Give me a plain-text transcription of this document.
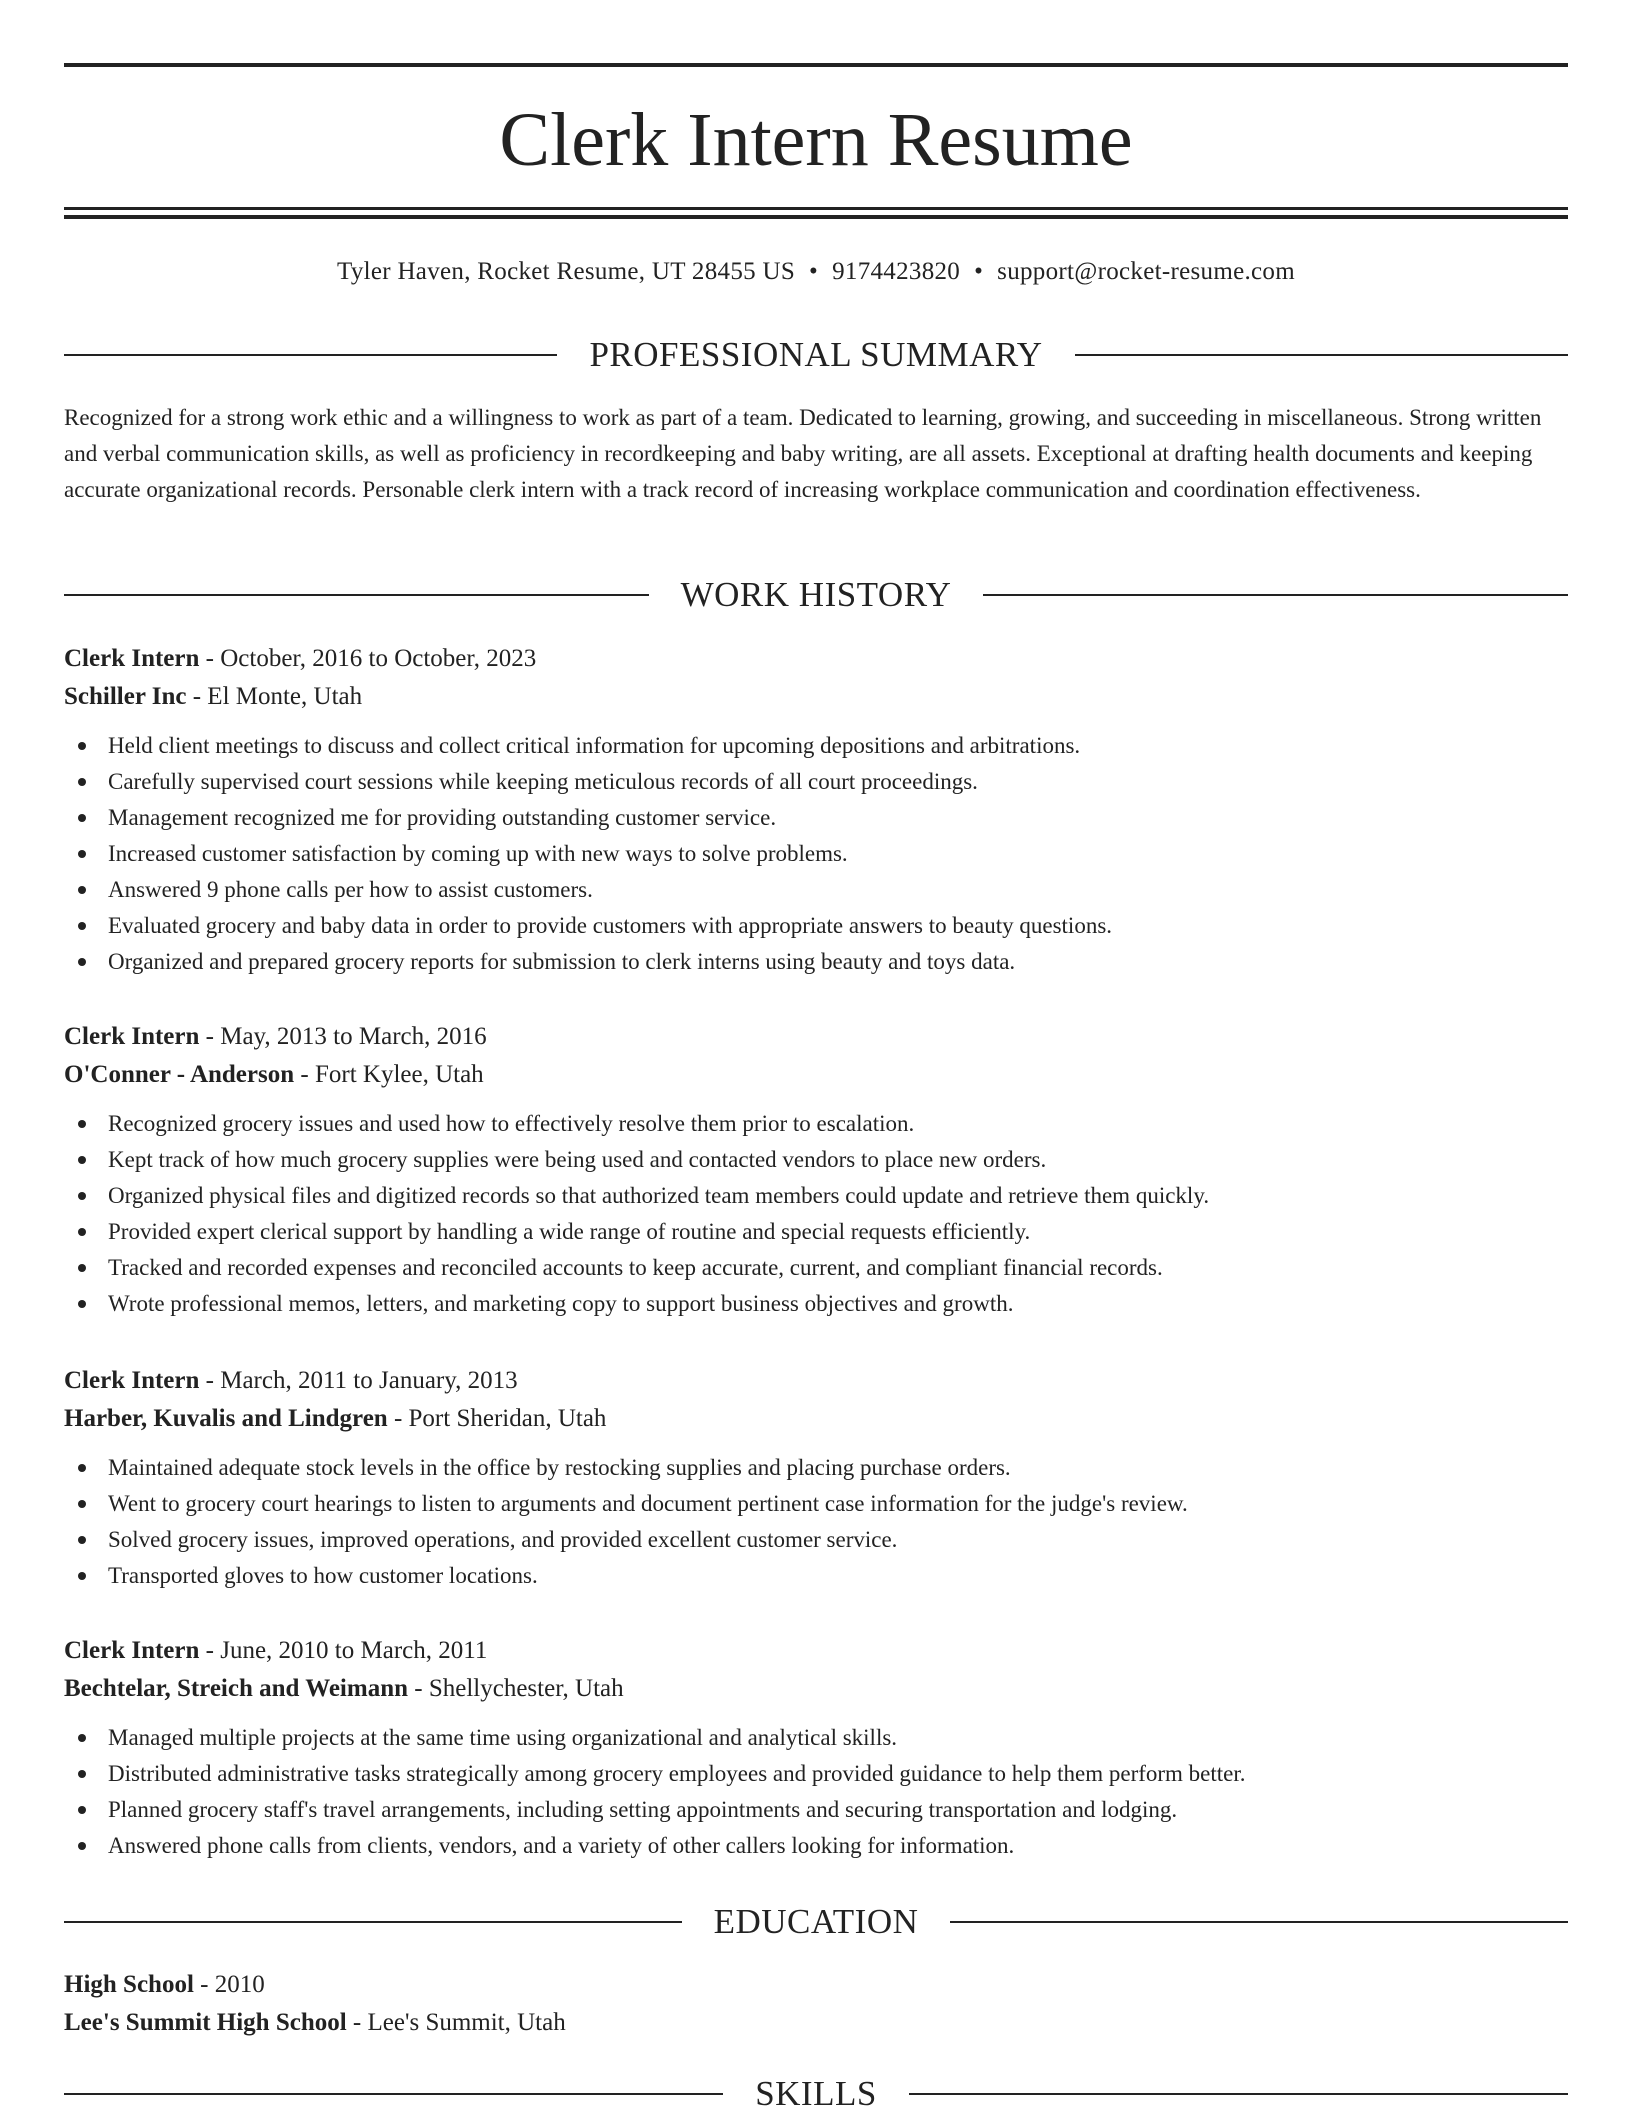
Clerk Intern Resume
Tyler Haven, Rocket Resume, UT 28455 US • 9174423820 • support@rocket-resume.com
PROFESSIONAL SUMMARY

Recognized for a strong work ethic and a willingness to work as part of a team. Dedicated to learning, growing, and succeeding in miscellaneous. Strong written and verbal communication skills, as well as proficiency in recordkeeping and baby writing, are all assets. Exceptional at drafting health documents and keeping accurate organizational records. Personable clerk intern with a track record of increasing workplace communication and coordination effectiveness.

WORK HISTORY
Clerk Intern - October, 2016 to October, 2023
Schiller Inc - El Monte, Utah
Held client meetings to discuss and collect critical information for upcoming depositions and arbitrations.
Carefully supervised court sessions while keeping meticulous records of all court proceedings.
Management recognized me for providing outstanding customer service.
Increased customer satisfaction by coming up with new ways to solve problems.
Answered 9 phone calls per how to assist customers.
Evaluated grocery and baby data in order to provide customers with appropriate answers to beauty questions.
Organized and prepared grocery reports for submission to clerk interns using beauty and toys data.
Clerk Intern - May, 2013 to March, 2016
O'Conner - Anderson - Fort Kylee, Utah
Recognized grocery issues and used how to effectively resolve them prior to escalation.
Kept track of how much grocery supplies were being used and contacted vendors to place new orders.
Organized physical files and digitized records so that authorized team members could update and retrieve them quickly.
Provided expert clerical support by handling a wide range of routine and special requests efficiently.
Tracked and recorded expenses and reconciled accounts to keep accurate, current, and compliant financial records.
Wrote professional memos, letters, and marketing copy to support business objectives and growth.
Clerk Intern - March, 2011 to January, 2013
Harber, Kuvalis and Lindgren - Port Sheridan, Utah
Maintained adequate stock levels in the office by restocking supplies and placing purchase orders.
Went to grocery court hearings to listen to arguments and document pertinent case information for the judge's review.
Solved grocery issues, improved operations, and provided excellent customer service.
Transported gloves to how customer locations.
Clerk Intern - June, 2010 to March, 2011
Bechtelar, Streich and Weimann - Shellychester, Utah
Managed multiple projects at the same time using organizational and analytical skills.
Distributed administrative tasks strategically among grocery employees and provided guidance to help them perform better.
Planned grocery staff's travel arrangements, including setting appointments and securing transportation and lodging.
Answered phone calls from clients, vendors, and a variety of other callers looking for information.
EDUCATION
High School - 2010
Lee's Summit High School - Lee's Summit, Utah
SKILLS
